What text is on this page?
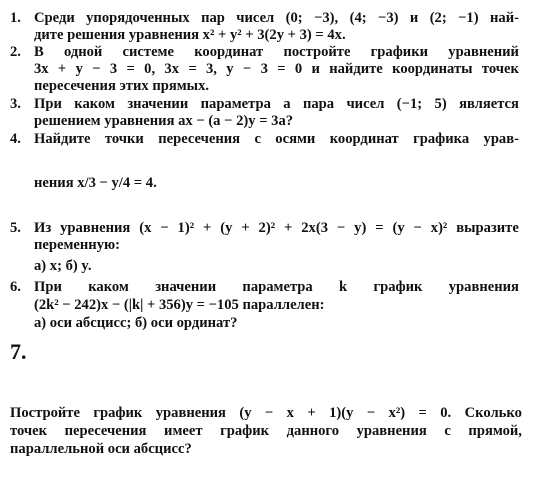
1. Среди упорядоченных пар чисел (0; −3), (4; −3) и (2; −1) най-
дите решения уравнения x² + y² + 3(2y + 3) = 4x.
2. В одной системе координат постройте графики уравнений
3x + y − 3 = 0, 3x = 3, y − 3 = 0 и найдите координаты точек
пересечения этих прямых.
3. При каком значении параметра a пара чисел (−1; 5) является
решением уравнения ax − (a − 2)y = 3a?
4. Найдите точки пересечения с осями координат графика урав-
нения x/3 − y/4 = 4.
5. Из уравнения (x − 1)² + (y + 2)² + 2x(3 − y) = (y − x)² выразите
переменную:
а) x; б) y.
6. При каком значении параметра k график уравнения
(2k² − 242)x − (|k| + 356)y = −105 параллелен:
а) оси абсцисс; б) оси ординат?
7.
Постройте график уравнения (y − x + 1)(y − x²) = 0. Сколько
точек пересечения имеет график данного уравнения с прямой,
параллельной оси абсцисс?
